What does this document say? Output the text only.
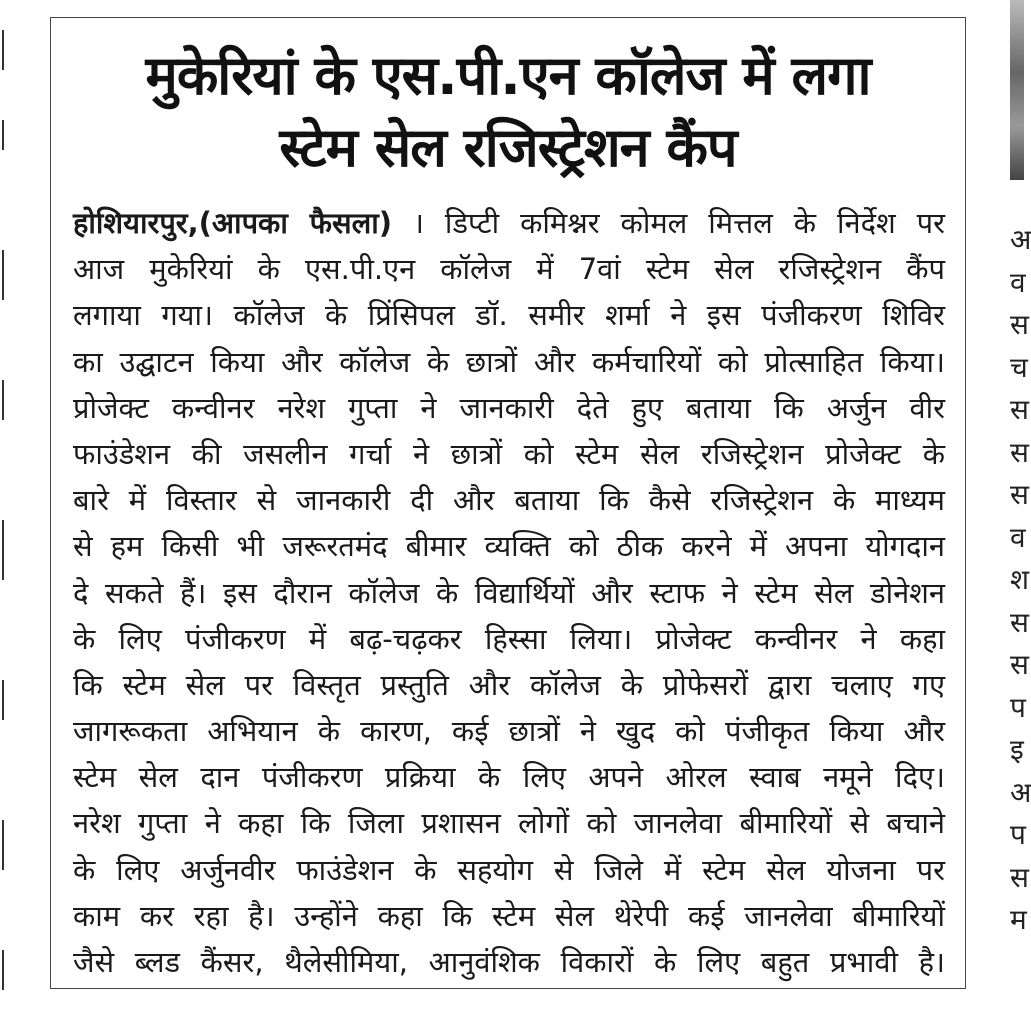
मुकेरियां के एस.पी.एन कॉलेज में लगा
स्टेम सेल रजिस्ट्रेशन कैंप
होशियारपुर,(आपका फैसला) । डिप्टी कमिश्नर कोमल मित्तल के निर्देश पर
आज मुकेरियां के एस.पी.एन कॉलेज में 7वां स्टेम सेल रजिस्ट्रेशन कैंप
लगाया गया। कॉलेज के प्रिंसिपल डॉ. समीर शर्मा ने इस पंजीकरण शिविर
का उद्घाटन किया और कॉलेज के छात्रों और कर्मचारियों को प्रोत्साहित किया।
प्रोजेक्ट कन्वीनर नरेश गुप्ता ने जानकारी देते हुए बताया कि अर्जुन वीर
फाउंडेशन की जसलीन गर्चा ने छात्रों को स्टेम सेल रजिस्ट्रेशन प्रोजेक्ट के
बारे में विस्तार से जानकारी दी और बताया कि कैसे रजिस्ट्रेशन के माध्यम
से हम किसी भी जरूरतमंद बीमार व्यक्ति को ठीक करने में अपना योगदान
दे सकते हैं। इस दौरान कॉलेज के विद्यार्थियों और स्टाफ ने स्टेम सेल डोनेशन
के लिए पंजीकरण में बढ़-चढ़कर हिस्सा लिया। प्रोजेक्ट कन्वीनर ने कहा
कि स्टेम सेल पर विस्तृत प्रस्तुति और कॉलेज के प्रोफेसरों द्वारा चलाए गए
जागरूकता अभियान के कारण, कई छात्रों ने खुद को पंजीकृत किया और
स्टेम सेल दान पंजीकरण प्रक्रिया के लिए अपने ओरल स्वाब नमूने दिए।
नरेश गुप्ता ने कहा कि जिला प्रशासन लोगों को जानलेवा बीमारियों से बचाने
के लिए अर्जुनवीर फाउंडेशन के सहयोग से जिले में स्टेम सेल योजना पर
काम कर रहा है। उन्होंने कहा कि स्टेम सेल थेरेपी कई जानलेवा बीमारियों
जैसे ब्लड कैंसर, थैलेसीमिया, आनुवंशिक विकारों के लिए बहुत प्रभावी है।
अ
व
स
च
स
स
स
व
श
स
स
प
इ
अ
प
स
म
